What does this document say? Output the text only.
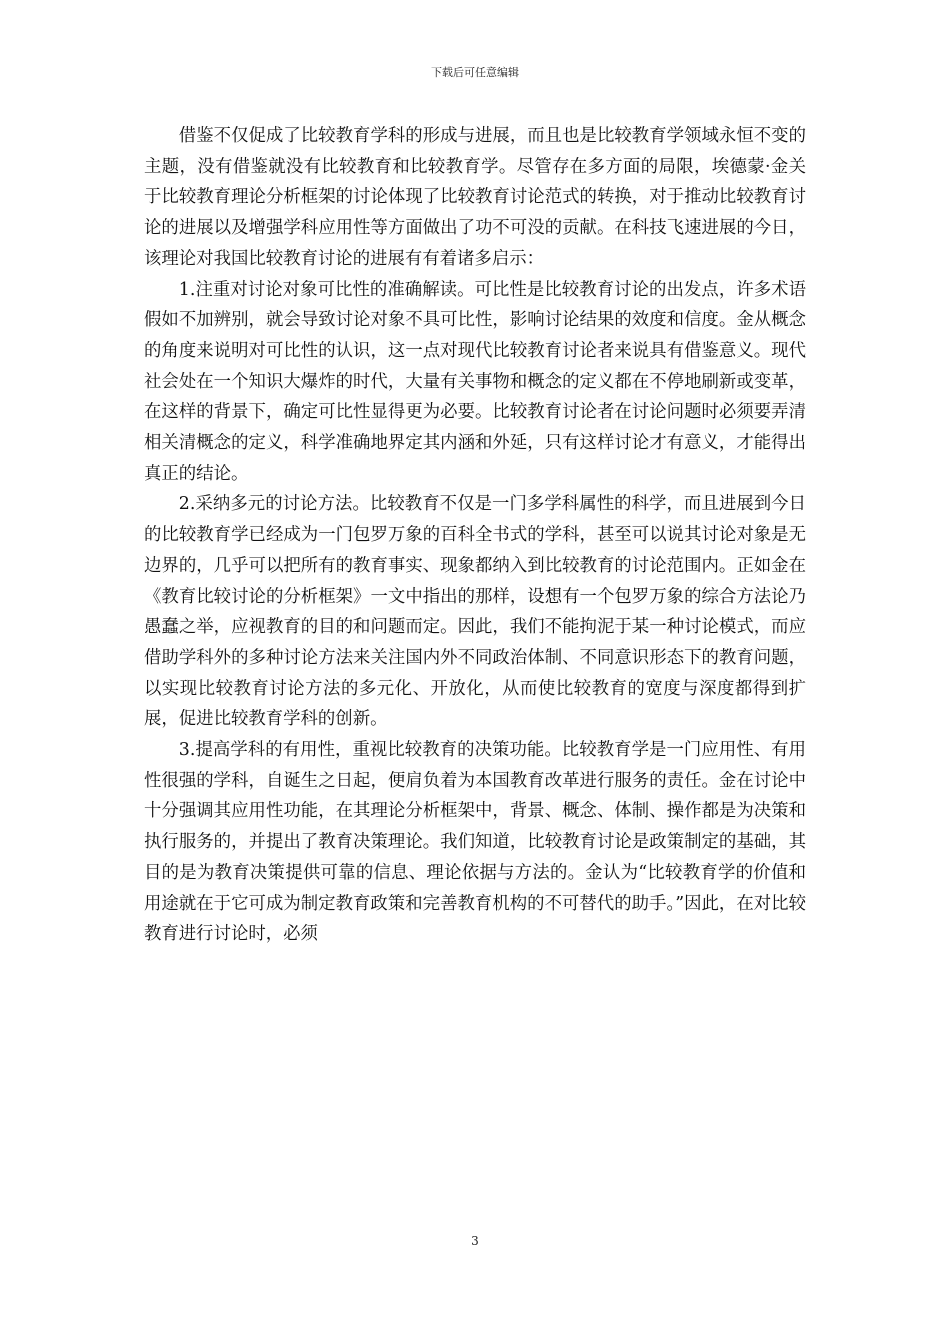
下载后可任意编辑

借鉴不仅促成了比较教育学科的形成与进展，而且也是比较教育学领域永恒不变的主题，没有借鉴就没有比较教育和比较教育学。尽管存在多方面的局限，埃德蒙·金关于比较教育理论分析框架的讨论体现了比较教育讨论范式的转换，对于推动比较教育讨论的进展以及增强学科应用性等方面做出了功不可没的贡献。在科技飞速进展的今日，该理论对我国比较教育讨论的进展有有着诸多启示：

1.注重对讨论对象可比性的准确解读。可比性是比较教育讨论的出发点，许多术语假如不加辨别，就会导致讨论对象不具可比性，影响讨论结果的效度和信度。金从概念的角度来说明对可比性的认识，这一点对现代比较教育讨论者来说具有借鉴意义。现代社会处在一个知识大爆炸的时代，大量有关事物和概念的定义都在不停地刷新或变革，在这样的背景下，确定可比性显得更为必要。比较教育讨论者在讨论问题时必须要弄清相关清概念的定义，科学准确地界定其内涵和外延，只有这样讨论才有意义，才能得出真正的结论。

2.采纳多元的讨论方法。比较教育不仅是一门多学科属性的科学，而且进展到今日的比较教育学已经成为一门包罗万象的百科全书式的学科，甚至可以说其讨论对象是无边界的，几乎可以把所有的教育事实、现象都纳入到比较教育的讨论范围内。正如金在《教育比较讨论的分析框架》一文中指出的那样，设想有一个包罗万象的综合方法论乃愚蠢之举，应视教育的目的和问题而定。因此，我们不能拘泥于某一种讨论模式，而应借助学科外的多种讨论方法来关注国内外不同政治体制、不同意识形态下的教育问题，以实现比较教育讨论方法的多元化、开放化，从而使比较教育的宽度与深度都得到扩展，促进比较教育学科的创新。

3.提高学科的有用性，重视比较教育的决策功能。比较教育学是一门应用性、有用性很强的学科，自诞生之日起，便肩负着为本国教育改革进行服务的责任。金在讨论中十分强调其应用性功能，在其理论分析框架中，背景、概念、体制、操作都是为决策和执行服务的，并提出了教育决策理论。我们知道，比较教育讨论是政策制定的基础，其目的是为教育决策提供可靠的信息、理论依据与方法的。金认为“比较教育学的价值和用途就在于它可成为制定教育政策和完善教育机构的不可替代的助手。”因此，在对比较教育进行讨论时，必须

3
